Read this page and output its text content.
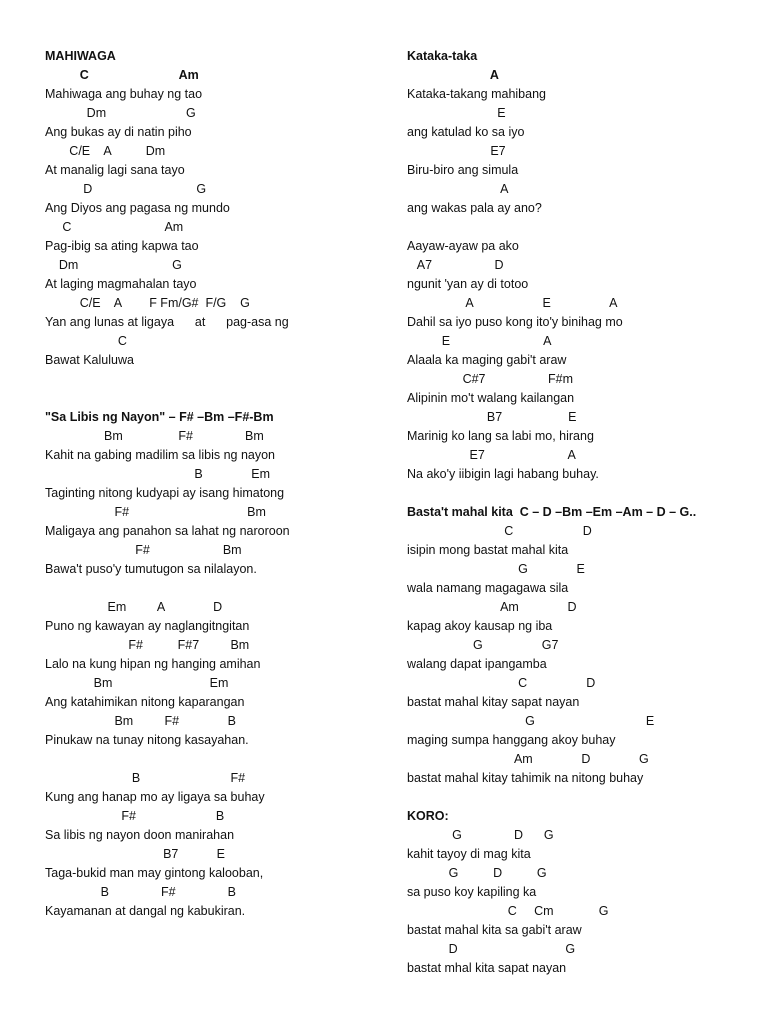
MAHIWAGA
C                          Am
Mahiwaga ang buhay ng tao
Dm                       G
Ang bukas ay di natin piho
C/E    A          Dm
At manalig lagi sana tayo
D                              G
Ang Diyos ang pagasa ng mundo
C                           Am
Pag-ibig sa ating kapwa tao
Dm                           G
At laging magmahalan tayo
C/E    A        F Fm/G#  F/G    G
Yan ang lunas at ligaya      at      pag-asa ng
C
Bawat Kaluluwa
"Sa Libis ng Nayon" – F# –Bm –F#-Bm
Bm                F#               Bm
Kahit na gabing madilim sa libis ng nayon
B              Em
Taginting nitong kudyapi ay isang himatong
F#                                  Bm
Maligaya ang panahon sa lahat ng naroroon
F#                     Bm
Bawa't puso'y tumutugon sa nilalayon.
Em         A              D
Puno ng kawayan ay naglangitngitan
F#          F#7         Bm
Lalo na kung hipan ng hanging amihan
Bm                            Em
Ang katahimikan nitong kaparangan
Bm         F#              B
Pinukaw na tunay nitong kasayahan.
B                          F#
Kung ang hanap mo ay ligaya sa buhay
F#                       B
Sa libis ng nayon doon manirahan
B7           E
Taga-bukid man may gintong kalooban,
B               F#               B
Kayamanan at dangal ng kabukiran.
Kataka-taka
A
Kataka-takang mahibang
E
ang katulad ko sa iyo
E7
Biru-biro ang simula
A
ang wakas pala ay ano?
Aayaw-ayaw pa ako
A7                  D
ngunit 'yan ay di totoo
A                    E                 A
Dahil sa iyo puso kong ito'y binihag mo
E                           A
Alaala ka maging gabi't araw
C#7                  F#m
Alipinin mo't walang kailangan
B7                   E
Marinig ko lang sa labi mo, hirang
E7                        A
Na ako'y iibigin lagi habang buhay.
Basta't mahal kita  C – D –Bm –Em –Am – D – G..
C                    D
isipin mong bastat mahal kita
G              E
wala namang magagawa sila
Am              D
kapag akoy kausap ng iba
G                 G7
walang dapat ipangamba
C                 D
bastat mahal kitay sapat nayan
G                                E
maging sumpa hanggang akoy buhay
Am              D              G
bastat mahal kitay tahimik na nitong buhay
KORO:
G               D      G
kahit tayoy di mag kita
G          D          G
sa puso koy kapiling ka
C     Cm             G
bastat mahal kita sa gabi't araw
D                               G
bastat mhal kita sapat nayan
